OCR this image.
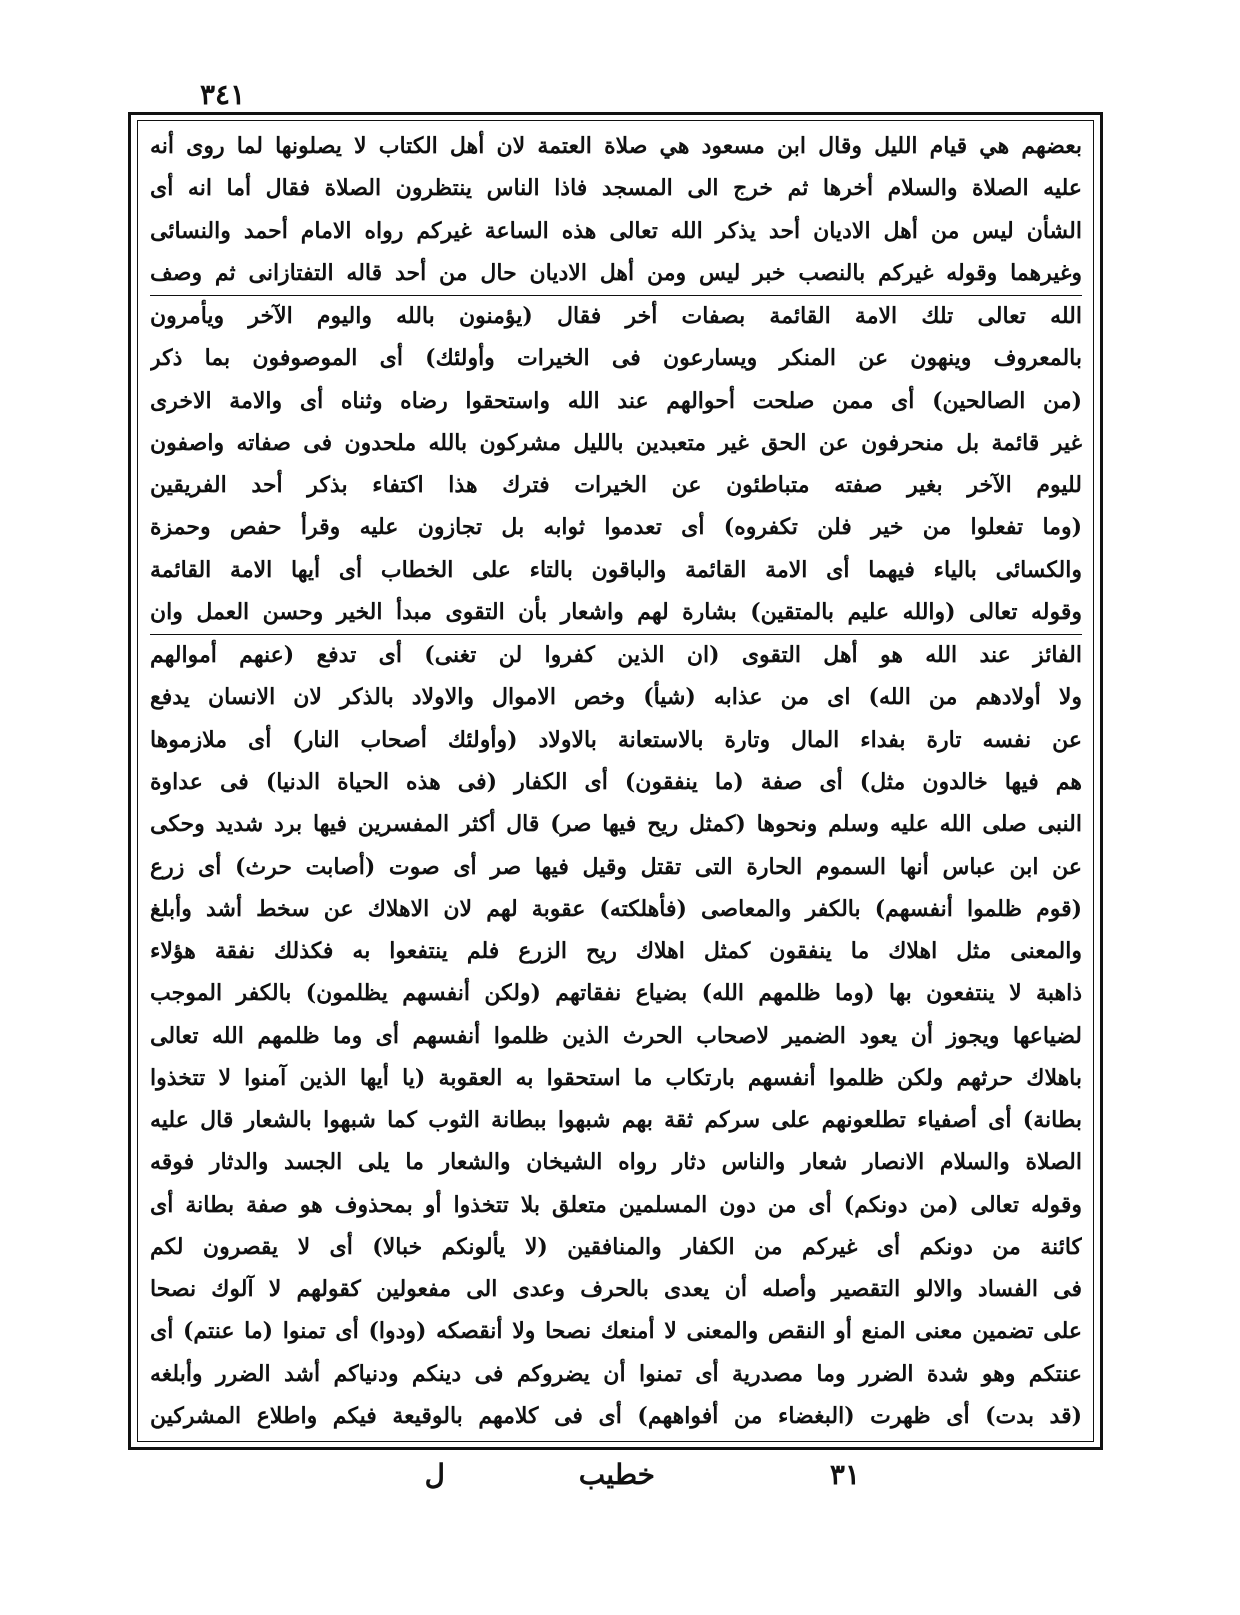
٣٤١
بعضهم هي قيام الليل وقال ابن مسعود هي صلاة العتمة لان أهل الكتاب لا يصلونها لما روى أنه
عليه الصلاة والسلام أخرها ثم خرج الى المسجد فاذا الناس ينتظرون الصلاة فقال أما انه أى
الشأن ليس من أهل الاديان أحد يذكر الله تعالى هذه الساعة غيركم رواه الامام أحمد والنسائى
وغيرهما وقوله غيركم بالنصب خبر ليس ومن أهل الاديان حال من أحد قاله التفتازانى ثم وصف
الله تعالى تلك الامة القائمة بصفات أخر فقال (يؤمنون بالله واليوم الآخر ويأمرون
بالمعروف وينهون عن المنكر ويسارعون فى الخيرات وأولئك) أى الموصوفون بما ذكر
(من الصالحين) أى ممن صلحت أحوالهم عند الله واستحقوا رضاه وثناه أى والامة الاخرى
غير قائمة بل منحرفون عن الحق غير متعبدين بالليل مشركون بالله ملحدون فى صفاته واصفون
لليوم الآخر بغير صفته متباطئون عن الخيرات فترك هذا اكتفاء بذكر أحد الفريقين
(وما تفعلوا من خير فلن تكفروه) أى تعدموا ثوابه بل تجازون عليه وقرأ حفص وحمزة
والكسائى بالياء فيهما أى الامة القائمة والباقون بالتاء على الخطاب أى أيها الامة القائمة
وقوله تعالى (والله عليم بالمتقين) بشارة لهم واشعار بأن التقوى مبدأ الخير وحسن العمل وان
الفائز عند الله هو أهل التقوى (ان الذين كفروا لن تغنى) أى تدفع (عنهم أموالهم
ولا أولادهم من الله) اى من عذابه (شيأ) وخص الاموال والاولاد بالذكر لان الانسان يدفع
عن نفسه تارة بفداء المال وتارة بالاستعانة بالاولاد (وأولئك أصحاب النار) أى ملازموها
هم فيها خالدون مثل) أى صفة (ما ينفقون) أى الكفار (فى هذه الحياة الدنيا) فى عداوة
النبى صلى الله عليه وسلم ونحوها (كمثل ريح فيها صر) قال أكثر المفسرين فيها برد شديد وحكى
عن ابن عباس أنها السموم الحارة التى تقتل وقيل فيها صر أى صوت (أصابت حرث) أى زرع
(قوم ظلموا أنفسهم) بالكفر والمعاصى (فأهلكته) عقوبة لهم لان الاهلاك عن سخط أشد وأبلغ
والمعنى مثل اهلاك ما ينفقون كمثل اهلاك ريح الزرع فلم ينتفعوا به فكذلك نفقة هؤلاء
ذاهبة لا ينتفعون بها (وما ظلمهم الله) بضياع نفقاتهم (ولكن أنفسهم يظلمون) بالكفر الموجب
لضياعها ويجوز أن يعود الضمير لاصحاب الحرث الذين ظلموا أنفسهم أى وما ظلمهم الله تعالى
باهلاك حرثهم ولكن ظلموا أنفسهم بارتكاب ما استحقوا به العقوبة (يا أيها الذين آمنوا لا تتخذوا
بطانة) أى أصفياء تطلعونهم على سركم ثقة بهم شبهوا ببطانة الثوب كما شبهوا بالشعار قال عليه
الصلاة والسلام الانصار شعار والناس دثار رواه الشيخان والشعار ما يلى الجسد والدثار فوقه
وقوله تعالى (من دونكم) أى من دون المسلمين متعلق بلا تتخذوا أو بمحذوف هو صفة بطانة أى
كائنة من دونكم أى غيركم من الكفار والمنافقين (لا يألونكم خبالا) أى لا يقصرون لكم
فى الفساد والالو التقصير وأصله أن يعدى بالحرف وعدى الى مفعولين كقولهم لا آلوك نصحا
على تضمين معنى المنع أو النقص والمعنى لا أمنعك نصحا ولا أنقصكه (ودوا) أى تمنوا (ما عنتم) أى
عنتكم وهو شدة الضرر وما مصدرية أى تمنوا أن يضروكم فى دينكم ودنياكم أشد الضرر وأبلغه
(قد بدت) أى ظهرت (البغضاء من أفواههم) أى فى كلامهم بالوقيعة فيكم واطلاع المشركين
٣١
خطيب
ل
